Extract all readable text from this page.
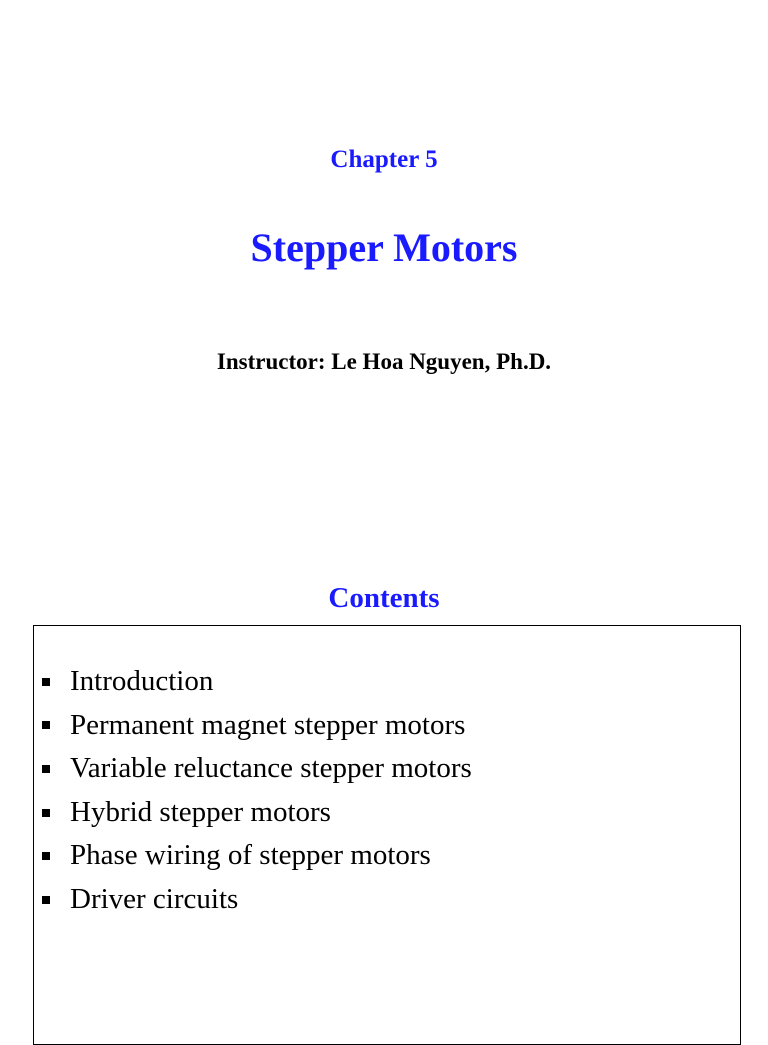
Chapter 5
Stepper Motors
Instructor: Le Hoa Nguyen, Ph.D.
Contents
Introduction
Permanent magnet stepper motors
Variable reluctance stepper motors
Hybrid stepper motors
Phase wiring of stepper motors
Driver circuits
